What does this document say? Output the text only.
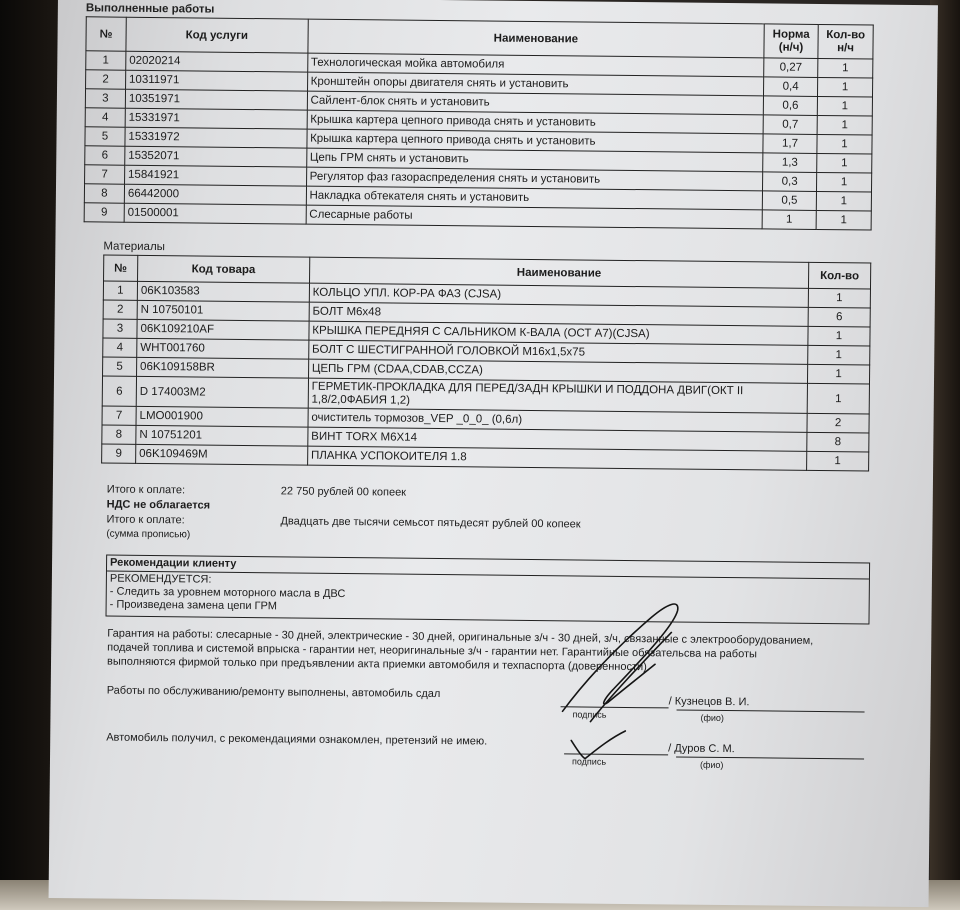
Выполненные работы
№	Код услуги	Наименование	Норма (н/ч)	Кол-во н/ч
1	02020214	Технологическая мойка автомобиля	0,27	1
2	10311971	Кронштейн опоры двигателя снять и установить	0,4	1
3	10351971	Сайлент-блок снять и установить	0,6	1
4	15331971	Крышка картера цепного привода снять и установить	0,7	1
5	15331972	Крышка картера цепного привода снять и установить	1,7	1
6	15352071	Цепь ГРМ снять и установить	1,3	1
7	15841921	Регулятор фаз газораспределения снять и установить	0,3	1
8	66442000	Накладка обтекателя снять и установить	0,5	1
9	01500001	Слесарные работы	1	1
Материалы
№	Код товара	Наименование	Кол-во
1	06K103583	КОЛЬЦО УПЛ. КОР-РА ФАЗ (CJSA)	1
2	N 10750101	БОЛТ М6х48	6
3	06K109210AF	КРЫШКА ПЕРЕДНЯЯ С САЛЬНИКОМ К-ВАЛА (ОСТ А7)(CJSA)	1
4	WHT001760	БОЛТ С ШЕСТИГРАННОЙ ГОЛОВКОЙ М16х1,5х75	1
5	06K109158BR	ЦЕПЬ ГРМ (CDAA,CDAB,CCZA)	1
6	D 174003M2	ГЕРМЕТИК-ПРОКЛАДКА ДЛЯ ПЕРЕД/ЗАДН КРЫШКИ И ПОДДОНА ДВИГ(ОКТ II 1,8/2,0ФАБИЯ 1,2)	1
7	LMO001900	очиститель тормозов_VEP _0_0_ (0,6л)	2
8	N 10751201	ВИНТ TORX M6X14	8
9	06K109469M	ПЛАНКА УСПОКОИТЕЛЯ 1.8	1
Итого к оплате:	22 750 рублей 00 копеек
НДС не облагается
Итого к оплате:	Двадцать две тысячи семьсот пятьдесят рублей 00 копеек
(сумма прописью)
Рекомендации клиенту
РЕКОМЕНДУЕТСЯ:
- Следить за уровнем моторного масла в ДВС
- Произведена замена цепи ГРМ
Гарантия на работы: слесарные - 30 дней, электрические - 30 дней, оригинальные з/ч - 30 дней, з/ч, связанные с электрооборудованием,
подачей топлива и системой впрыска - гарантии нет, неоригинальные з/ч - гарантии нет. Гарантийные обязательсва на работы
выполняются фирмой только при предъявлении акта приемки автомобиля и техпаспорта (доверенности).
Работы по обслуживанию/ремонту выполнены, автомобиль сдал
/ Кузнецов В. И.
подпись	(фио)
Автомобиль получил, с рекомендациями ознакомлен, претензий не имею.
/ Дуров С. М.
подпись	(фио)
